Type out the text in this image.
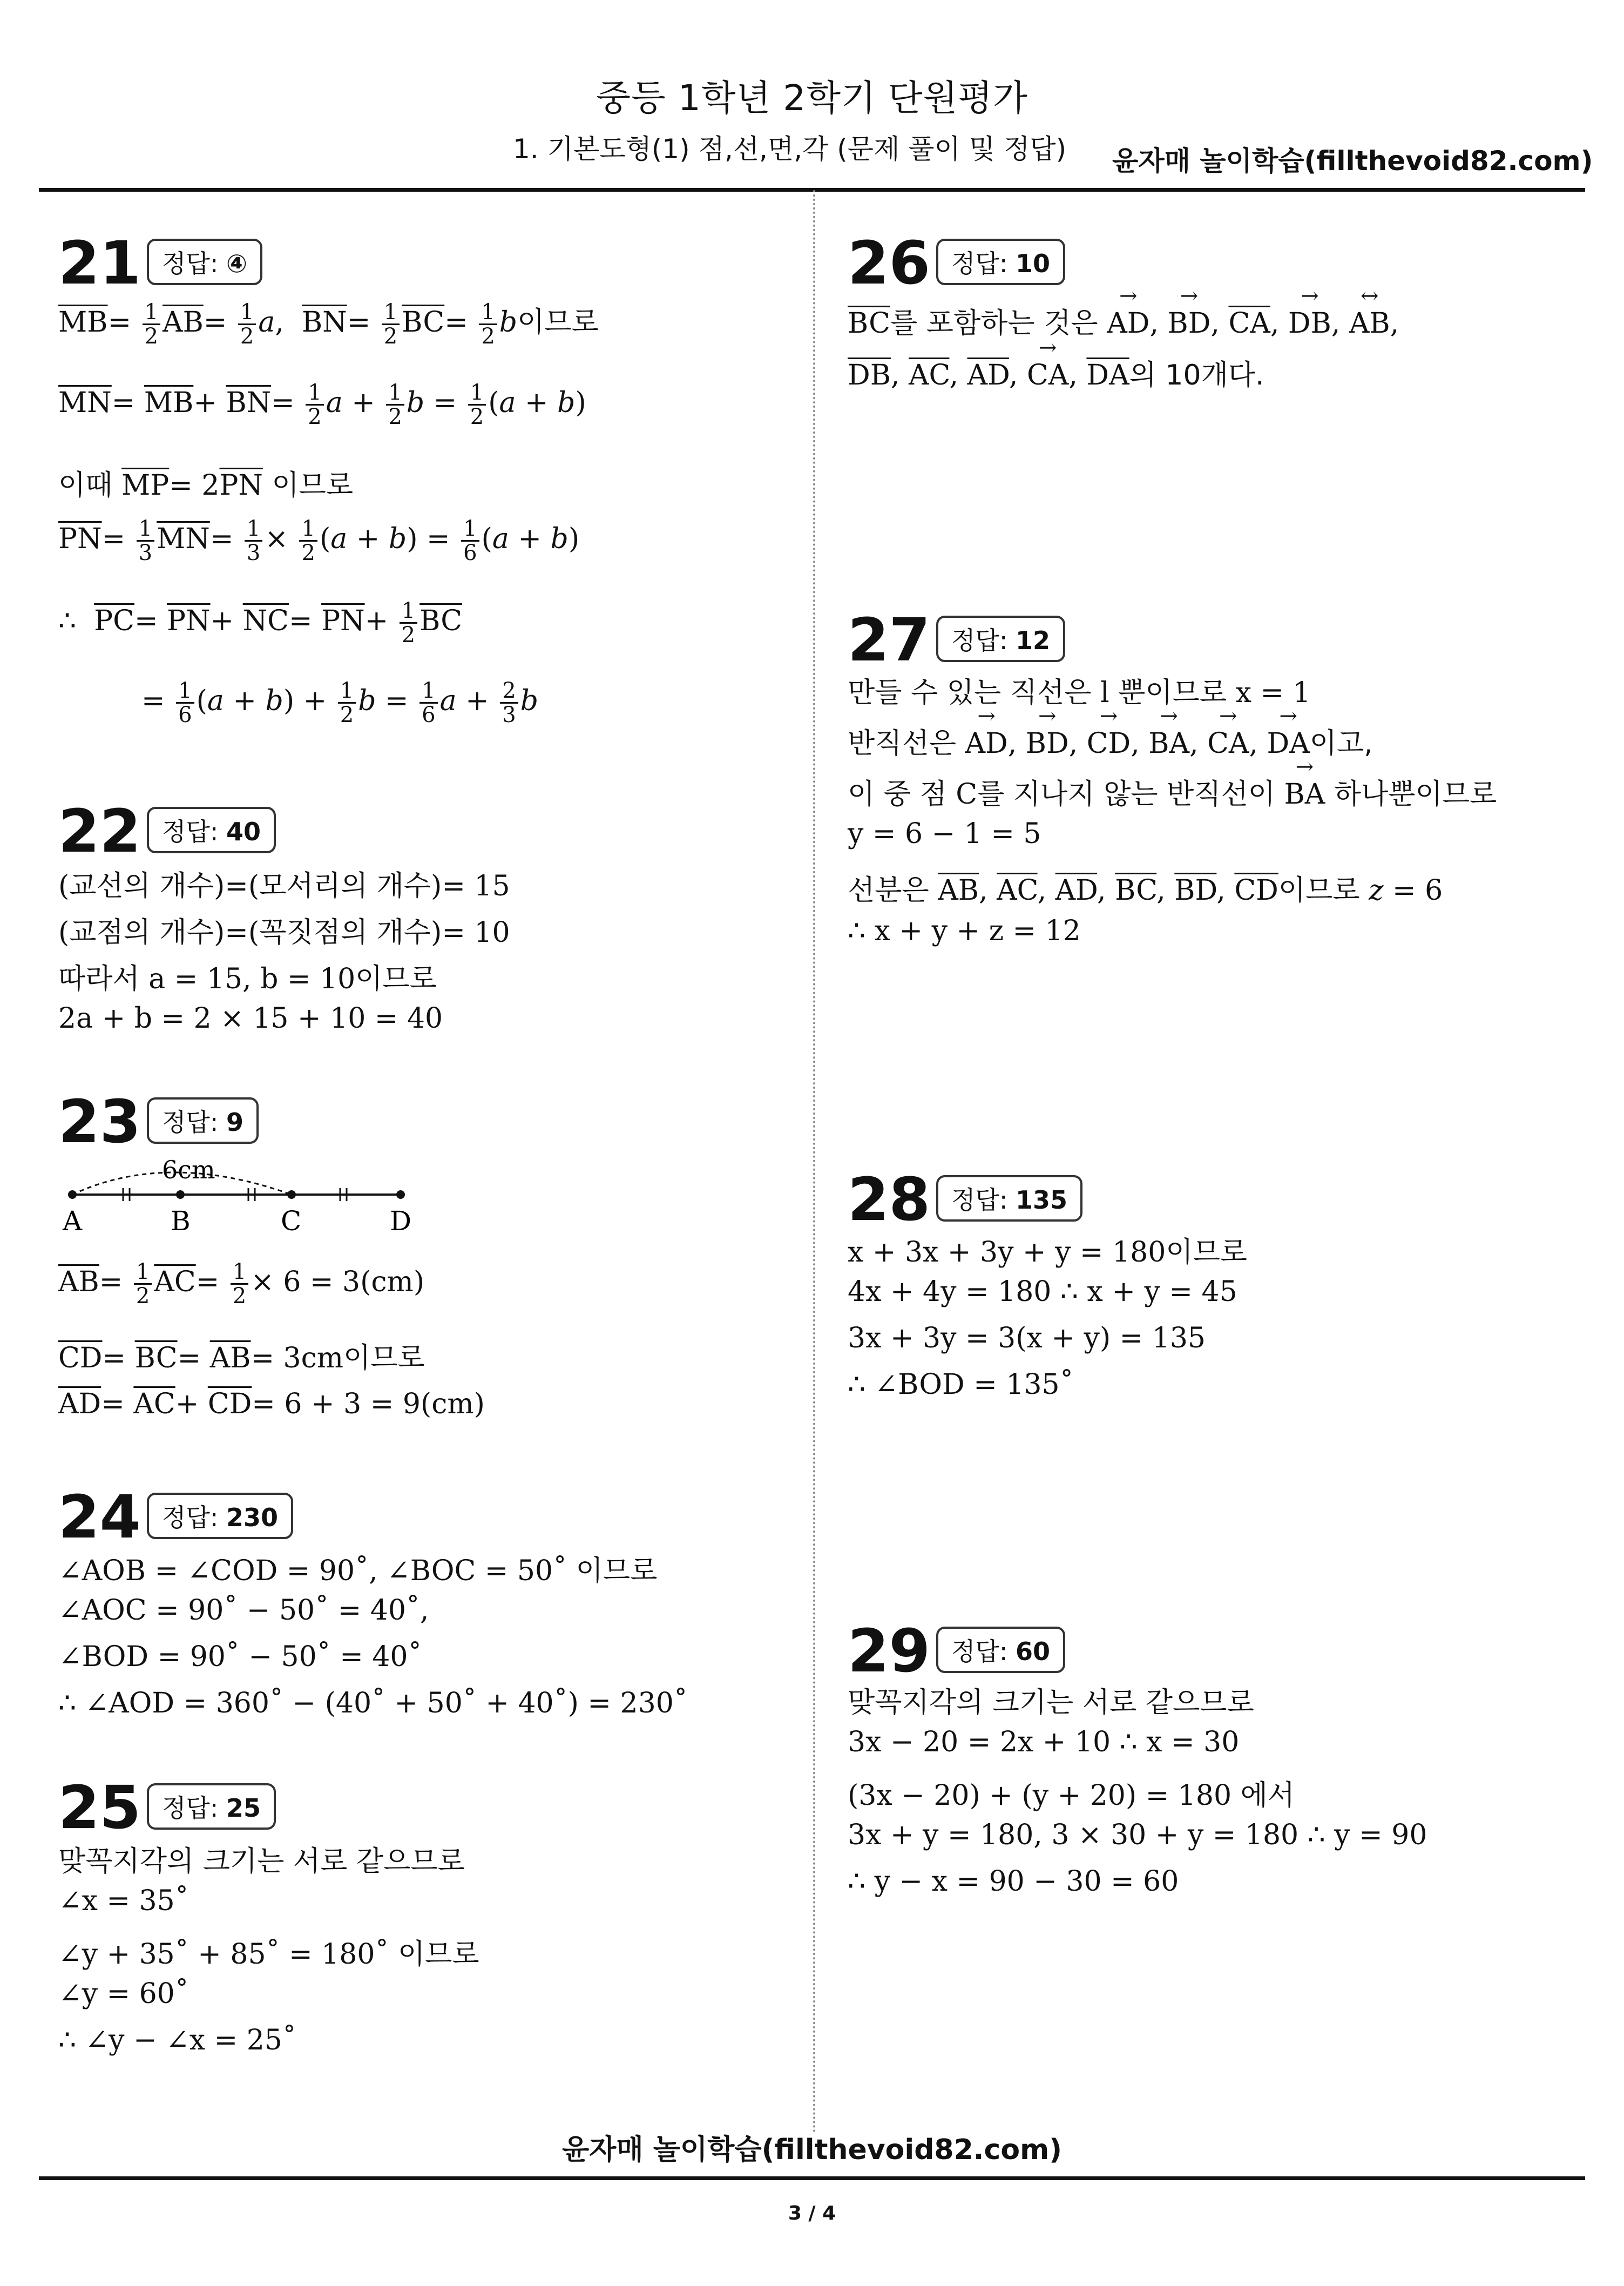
중등 1학년 2학기 단원평가
1. 기본도형(1) 점,선,면,각 (문제 풀이 및 정답) 윤자매 놀이학습(fillthevoid82.com)
21 정답: ④
$\overline{MB}= \frac{1}{2} \overline{AB}= \frac{1}{2} a$,  $\overline{BN}= \frac{1}{2} \overline{BC}= \frac{1}{2}$ b이므로
$\overline{MN}= \overline{MB}+ \overline{BN}= \frac{1}{2}$ $a + \frac{1}{2}$ $b = \frac{1}{2} (a + b)$
이때 $\overline{MP}= 2\overline{PN}$ 이므로
$\overline{PN}= \frac{1}{3} \overline{MN}= \frac{1}{3} \times \frac{1}{2} (a + b) = \frac{1}{6} (a + b)$
∴  $\overline{PC}= \overline{PN}+ \overline{NC}= \overline{PN}+ \frac{1}{2} \overline{BC}$
= $\frac{1}{6} (a + b) + \frac{1}{2}$ $b = \frac{1}{6}$ $a + \frac{2}{3}$ b
22 정답: 40
(교선의 개수)=(모서리의 개수)= 15
(교점의 개수)=(꼭짓점의 개수)= 10
따라서 a = 15, b = 10이므로
2a + b = 2 × 15 + 10 = 40
23 정답: 9
6cm
A	B	C	D
$\overline{AB}= \frac{1}{2} \overline{AC}= \frac{1}{2} \times 6 = 3(cm)$
$\overline{CD}= \overline{BC}= \overline{AB}= 3cm$이므로
$\overline{AD}= \overline{AC}+ \overline{CD}= 6 + 3 = 9(cm)$
24 정답: 230
∠AOB = ∠COD = 90˚, ∠BOC = 50˚ 이므로
∠AOC = 90˚ − 50˚ = 40˚,
∠BOD = 90˚ − 50˚ = 40˚
∴ ∠AOD = 360˚ − (40˚ + 50˚ + 40˚) = 230˚
25 정답: 25
맞꼭지각의 크기는 서로 같으므로
∠x = 35˚
∠y + 35˚ + 85˚ = 180˚ 이므로
∠y = 60˚
∴ ∠y − ∠x = 25˚
26 정답: 10
$\overline{BC}$를 포함하는 것은 → AD, → BD, $\overline{CA}$, → DB, ↔ AB,
$\overline{DB}$, $\overline{AC}$, $\overline{AD}$, → CA, $\overline{DA}$의 10개다.
27 정답: 12
만들 수 있는 직선은 l 뿐이므로 x = 1
반직선은 → AD, → BD, → CD, → BA, → CA, → DA이고,
이 중 점 C를 지나지 않는 반직선이 → BA 하나뿐이므로
y = 6 − 1 = 5
선분은 $\overline{AB}$, $\overline{AC}$, $\overline{AD}$, $\overline{BC}$, $\overline{BD}$, $\overline{CD}$이므로 z = 6
∴ x + y + z = 12
28 정답: 135
x + 3x + 3y + y = 180이므로
4x + 4y = 180 ∴ x + y = 45
3x + 3y = 3(x + y) = 135
∴ ∠BOD = 135˚
29 정답: 60
맞꼭지각의 크기는 서로 같으므로
3x − 20 = 2x + 10 ∴ x = 30
(3x − 20) + (y + 20) = 180 에서
3x + y = 180, 3 × 30 + y = 180 ∴ y = 90
∴ y − x = 90 − 30 = 60
윤자매 놀이학습(fillthevoid82.com)
3 / 4
